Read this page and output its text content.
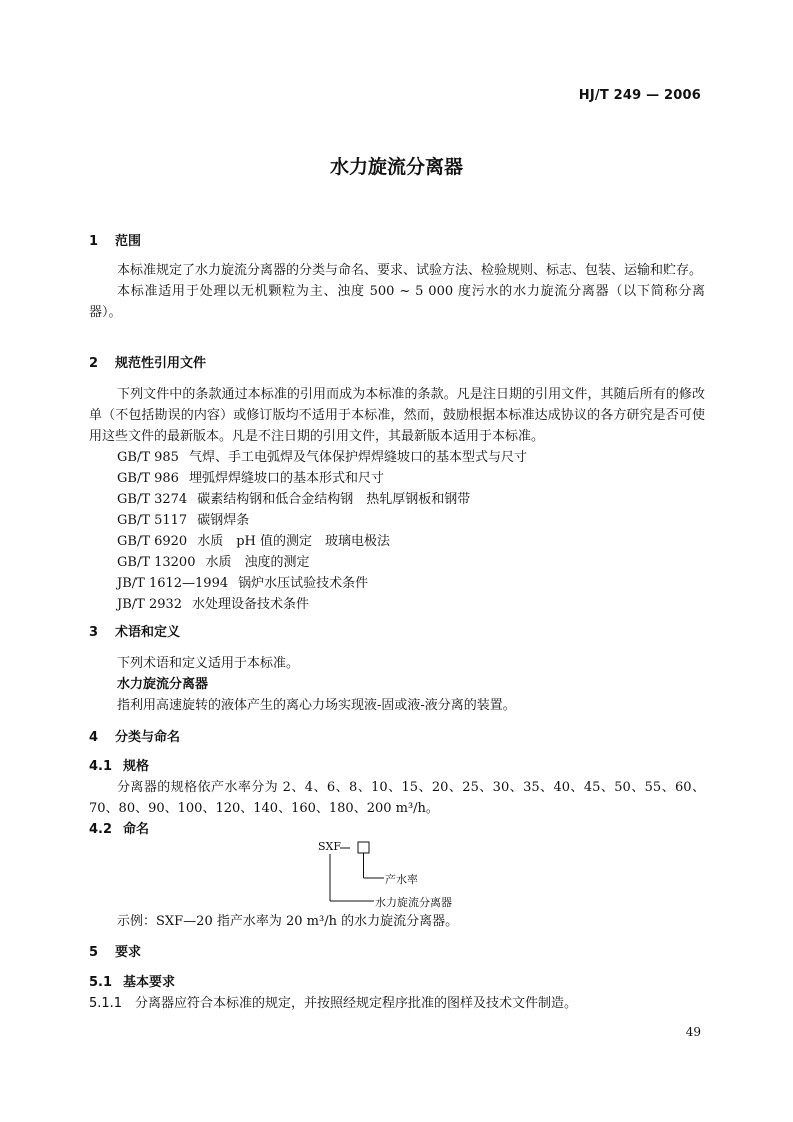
HJ/T 249 — 2006
水力旋流分离器
1 范围
本标准规定了水力旋流分离器的分类与命名、要求、试验方法、检验规则、标志、包装、运输和贮存。
本标准适用于处理以无机颗粒为主、浊度 500 ~ 5 000 度污水的水力旋流分离器（以下简称分离器）。
2 规范性引用文件
下列文件中的条款通过本标准的引用而成为本标准的条款。凡是注日期的引用文件，其随后所有的修改单（不包括勘误的内容）或修订版均不适用于本标准，然而，鼓励根据本标准达成协议的各方研究是否可使用这些文件的最新版本。凡是不注日期的引用文件，其最新版本适用于本标准。
GB/T 985 气焊、手工电弧焊及气体保护焊焊缝坡口的基本型式与尺寸
GB/T 986 埋弧焊焊缝坡口的基本形式和尺寸
GB/T 3274 碳素结构钢和低合金结构钢　热轧厚钢板和钢带
GB/T 5117 碳钢焊条
GB/T 6920 水质　pH 值的测定　玻璃电极法
GB/T 13200 水质　浊度的测定
JB/T 1612—1994 锅炉水压试验技术条件
JB/T 2932 水处理设备技术条件
3 术语和定义
下列术语和定义适用于本标准。
水力旋流分离器
指利用高速旋转的液体产生的离心力场实现液-固或液-液分离的装置。
4 分类与命名
4.1 规格
分离器的规格依产水率分为 2、4、6、8、10、15、20、25、30、35、40、45、50、55、60、70、80、90、100、120、140、160、180、200 m³/h。
4.2 命名
SXF
产水率
水力旋流分离器
示例：SXF—20 指产水率为 20 m³/h 的水力旋流分离器。
5 要求
5.1 基本要求
5.1.1 分离器应符合本标准的规定，并按照经规定程序批准的图样及技术文件制造。
49
